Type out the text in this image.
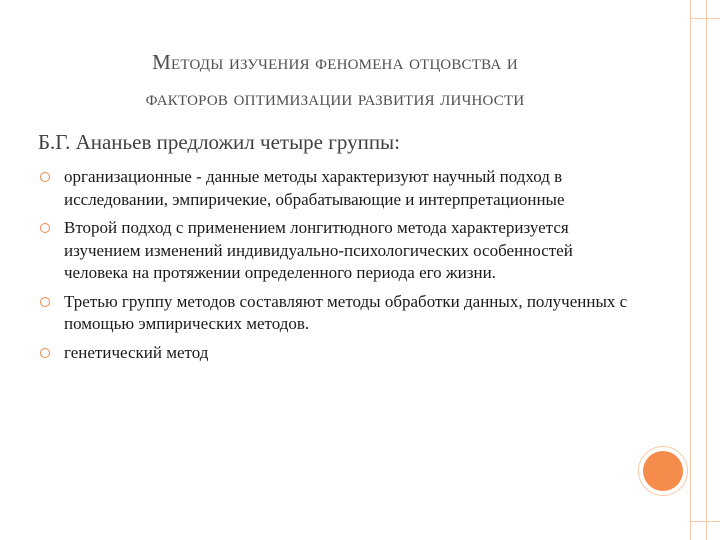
Методы изучения феномена отцовства и
факторов оптимизации развития личности
Б.Г. Ананьев предложил четыре группы:
организационные - данные методы характеризуют научный подход в исследовании, эмпиричекие, обрабатывающие и интерпретационные
Второй подход с применением лонгитюдного метода характеризуется изучением изменений индивидуально-психологических особенностей человека на протяжении определенного периода его жизни.
Третью группу методов составляют методы обработки данных, полученных с помощью эмпирических методов.
генетический метод
